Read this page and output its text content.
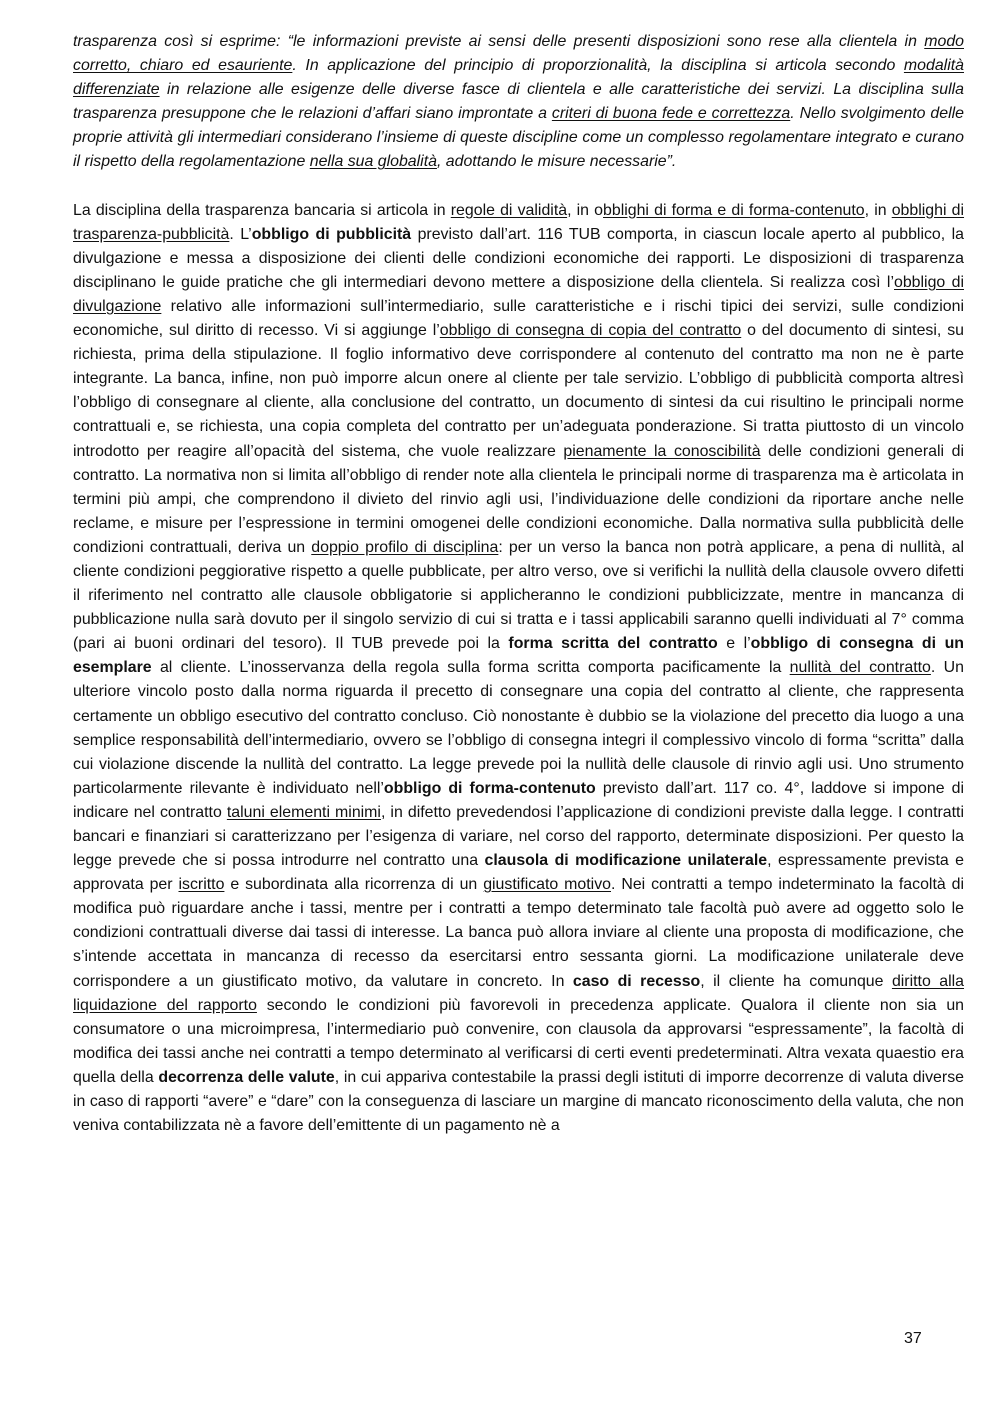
trasparenza così si esprime: “le informazioni previste ai sensi delle presenti disposizioni sono rese alla clientela in modo corretto, chiaro ed esauriente. In applicazione del principio di proporzionalità, la disciplina si articola secondo modalità differenziate in relazione alle esigenze delle diverse fasce di clientela e alle caratteristiche dei servizi. La disciplina sulla trasparenza presuppone che le relazioni d’affari siano improntate a criteri di buona fede e correttezza. Nello svolgimento delle proprie attività gli intermediari considerano l’insieme di queste discipline come un complesso regolamentare integrato e curano il rispetto della regolamentazione nella sua globalità, adottando le misure necessarie”.

La disciplina della trasparenza bancaria si articola in regole di validità, in obblighi di forma e di forma-contenuto, in obblighi di trasparenza-pubblicità. L’obbligo di pubblicità previsto dall’art. 116 TUB comporta, in ciascun locale aperto al pubblico, la divulgazione e messa a disposizione dei clienti delle condizioni economiche dei rapporti. Le disposizioni di trasparenza disciplinano le guide pratiche che gli intermediari devono mettere a disposizione della clientela. Si realizza così l’obbligo di divulgazione relativo alle informazioni sull’intermediario, sulle caratteristiche e i rischi tipici dei servizi, sulle condizioni economiche, sul diritto di recesso. Vi si aggiunge l’obbligo di consegna di copia del contratto o del documento di sintesi, su richiesta, prima della stipulazione. Il foglio informativo deve corrispondere al contenuto del contratto ma non ne è parte integrante. La banca, infine, non può imporre alcun onere al cliente per tale servizio. L’obbligo di pubblicità comporta altresì l’obbligo di consegnare al cliente, alla conclusione del contratto, un documento di sintesi da cui risultino le principali norme contrattuali e, se richiesta, una copia completa del contratto per un’adeguata ponderazione. Si tratta piuttosto di un vincolo introdotto per reagire all’opacità del sistema, che vuole realizzare pienamente la conoscibilità delle condizioni generali di contratto. La normativa non si limita all’obbligo di render note alla clientela le principali norme di trasparenza ma è articolata in termini più ampi, che comprendono il divieto del rinvio agli usi, l’individuazione delle condizioni da riportare anche nelle reclame, e misure per l’espressione in termini omogenei delle condizioni economiche. Dalla normativa sulla pubblicità delle condizioni contrattuali, deriva un doppio profilo di disciplina: per un verso la banca non potrà applicare, a pena di nullità, al cliente condizioni peggiorative rispetto a quelle pubblicate, per altro verso, ove si verifichi la nullità della clausole ovvero difetti il riferimento nel contratto alle clausole obbligatorie si applicheranno le condizioni pubblicizzate, mentre in mancanza di pubblicazione nulla sarà dovuto per il singolo servizio di cui si tratta e i tassi applicabili saranno quelli individuati al 7° comma (pari ai buoni ordinari del tesoro). Il TUB prevede poi la forma scritta del contratto e l’obbligo di consegna di un esemplare al cliente. L’inosservanza della regola sulla forma scritta comporta pacificamente la nullità del contratto. Un ulteriore vincolo posto dalla norma riguarda il precetto di consegnare una copia del contratto al cliente, che rappresenta certamente un obbligo esecutivo del contratto concluso. Ciò nonostante è dubbio se la violazione del precetto dia luogo a una semplice responsabilità dell’intermediario, ovvero se l’obbligo di consegna integri il complessivo vincolo di forma “scritta” dalla cui violazione discende la nullità del contratto. La legge prevede poi la nullità delle clausole di rinvio agli usi. Uno strumento particolarmente rilevante è individuato nell’obbligo di forma-contenuto previsto dall’art. 117 co. 4°, laddove si impone di indicare nel contratto taluni elementi minimi, in difetto prevedendosi l’applicazione di condizioni previste dalla legge. I contratti bancari e finanziari si caratterizzano per l’esigenza di variare, nel corso del rapporto, determinate disposizioni. Per questo la legge prevede che si possa introdurre nel contratto una clausola di modificazione unilaterale, espressamente prevista e approvata per iscritto e subordinata alla ricorrenza di un giustificato motivo. Nei contratti a tempo indeterminato la facoltà di modifica può riguardare anche i tassi, mentre per i contratti a tempo determinato tale facoltà può avere ad oggetto solo le condizioni contrattuali diverse dai tassi di interesse. La banca può allora inviare al cliente una proposta di modificazione, che s’intende accettata in mancanza di recesso da esercitarsi entro sessanta giorni. La modificazione unilaterale deve corrispondere a un giustificato motivo, da valutare in concreto. In caso di recesso, il cliente ha comunque diritto alla liquidazione del rapporto secondo le condizioni più favorevoli in precedenza applicate. Qualora il cliente non sia un consumatore o una microimpresa, l’intermediario può convenire, con clausola da approvarsi “espressamente”, la facoltà di modifica dei tassi anche nei contratti a tempo determinato al verificarsi di certi eventi predeterminati. Altra vexata quaestio era quella della decorrenza delle valute, in cui appariva contestabile la prassi degli istituti di imporre decorrenze di valuta diverse in caso di rapporti “avere” e “dare” con la conseguenza di lasciare un margine di mancato riconoscimento della valuta, che non veniva contabilizzata nè a favore dell’emittente di un pagamento nè a

37
